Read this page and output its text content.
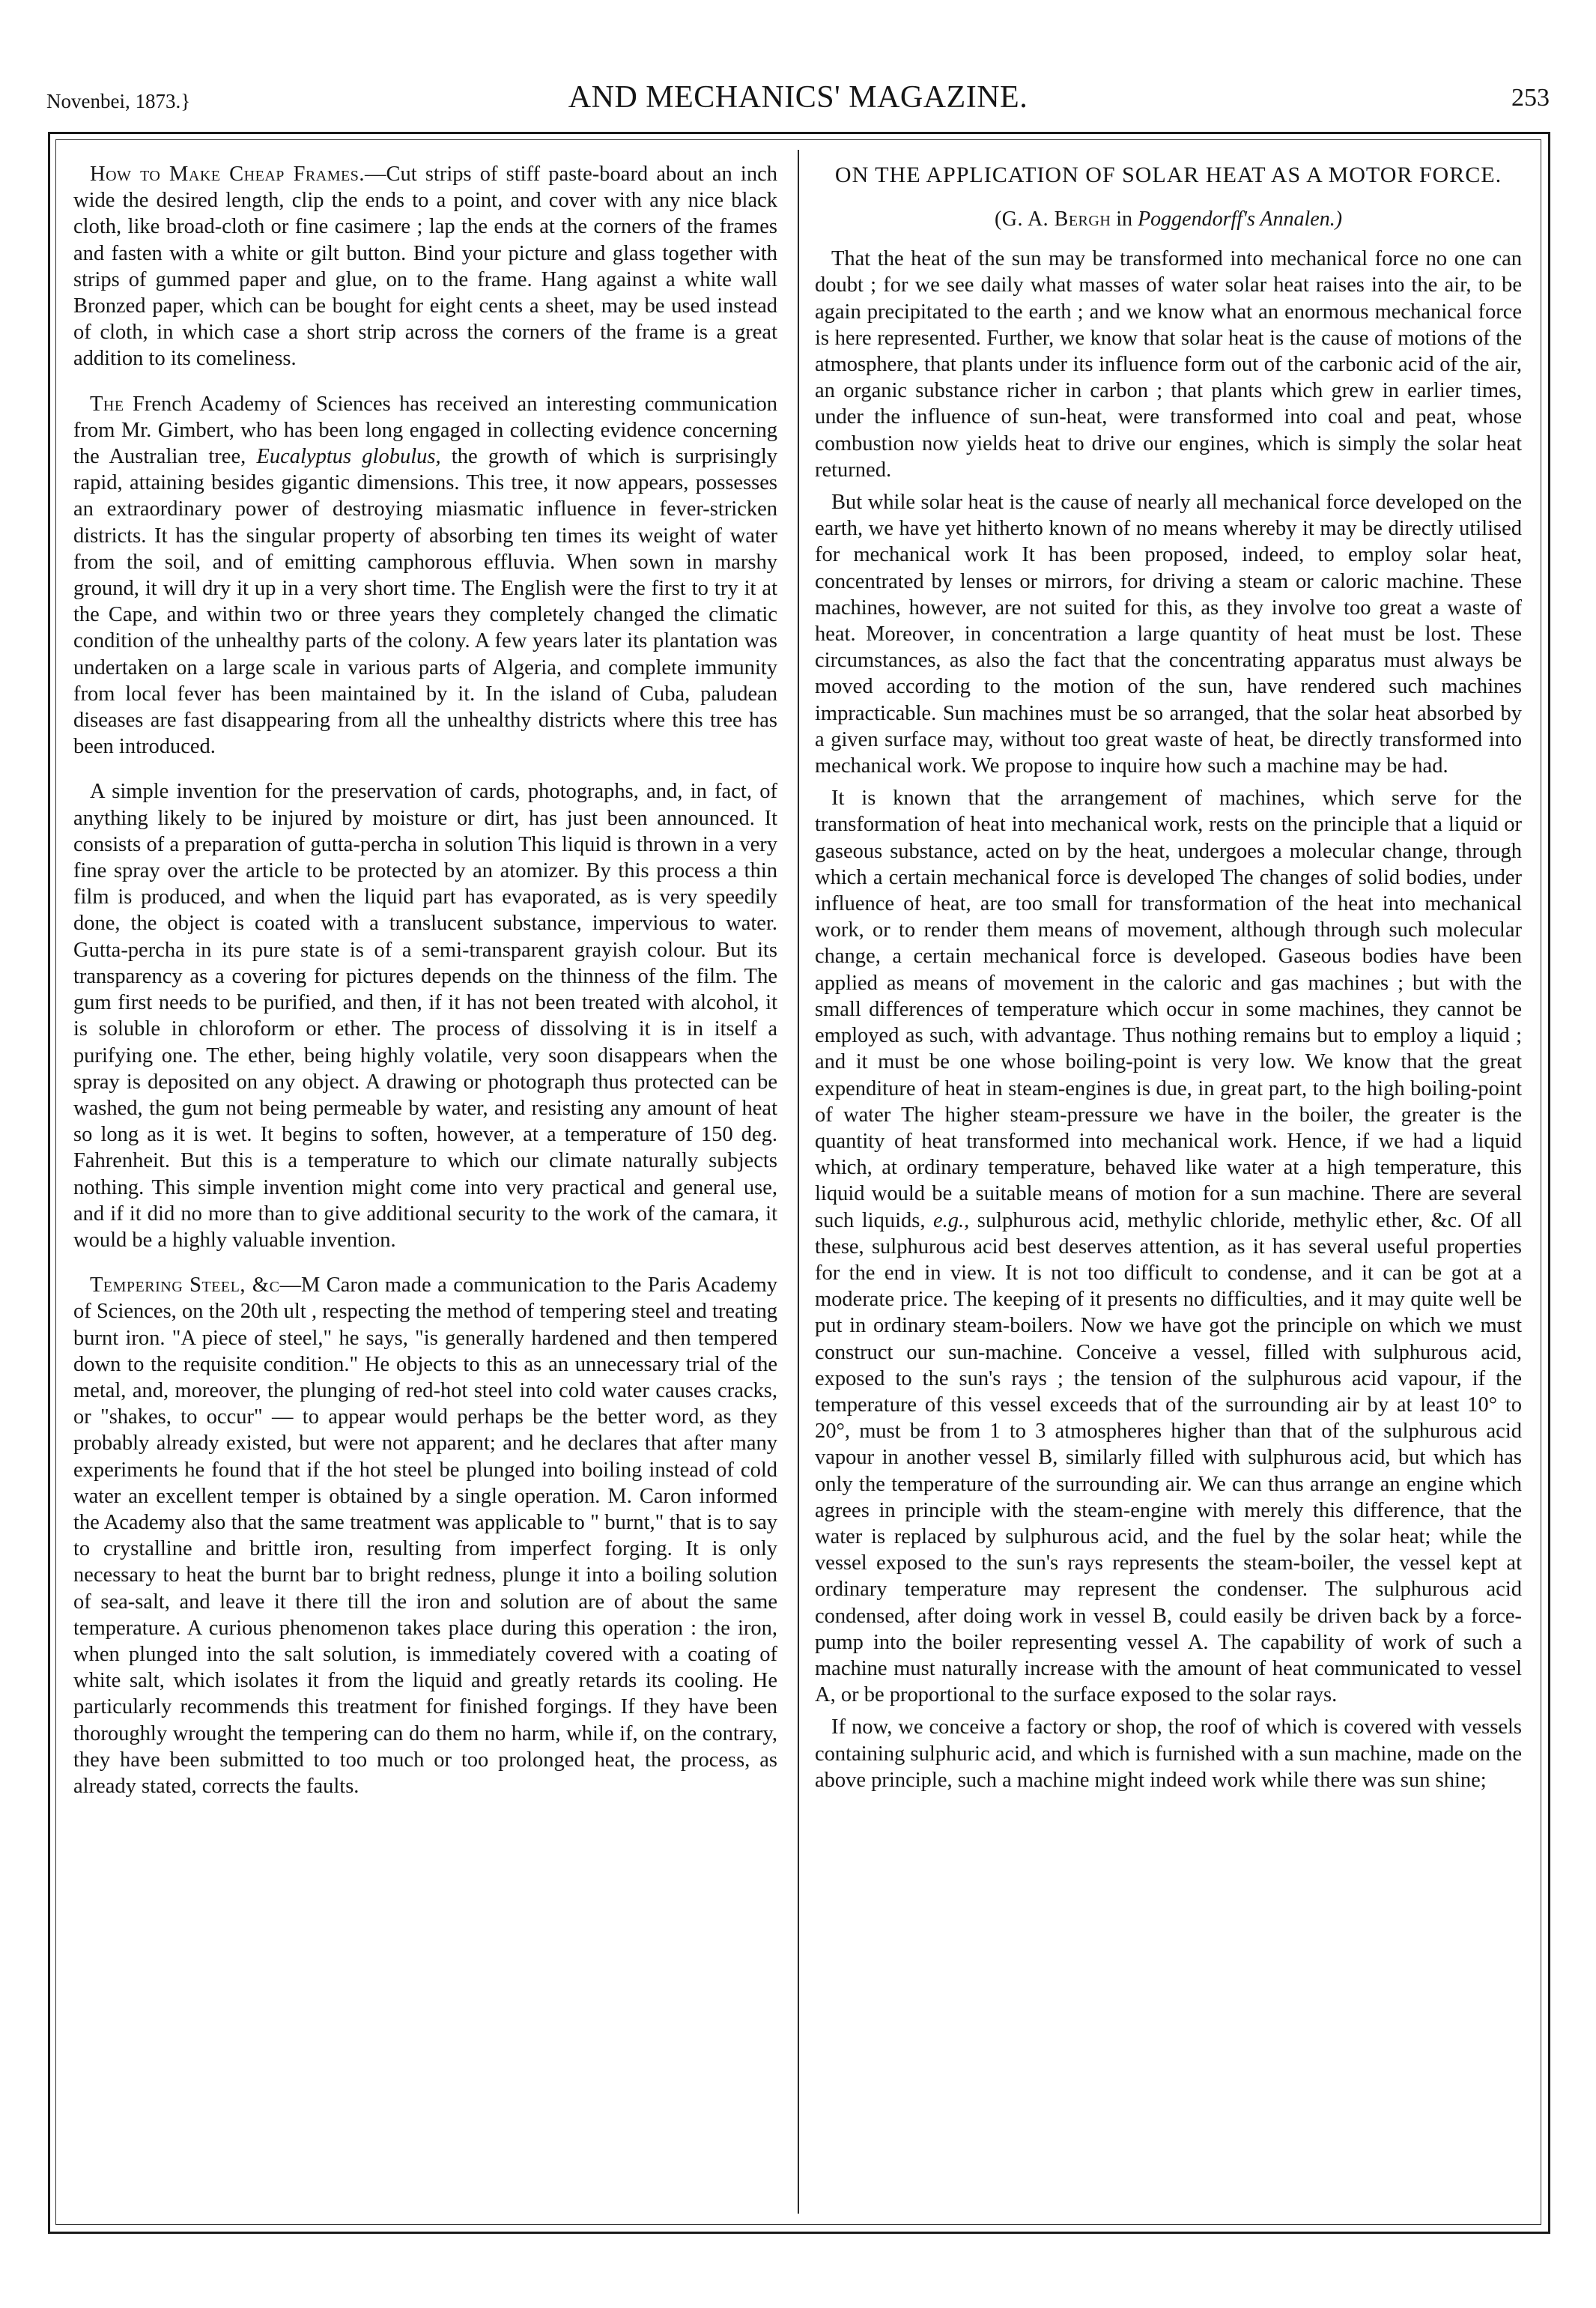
Novenbei, 1873.}	AND MECHANICS' MAGAZINE.	253

How to Make Cheap Frames.—Cut strips of stiff paste-board about an inch wide the desired length, clip the ends to a point, and cover with any nice black cloth, like broad-cloth or fine casimere ; lap the ends at the corners of the frames and fasten with a white or gilt button. Bind your picture and glass together with strips of gummed paper and glue, on to the frame. Hang against a white wall Bronzed paper, which can be bought for eight cents a sheet, may be used instead of cloth, in which case a short strip across the corners of the frame is a great addition to its comeliness.

The French Academy of Sciences has received an interesting communication from Mr. Gimbert, who has been long engaged in collecting evidence concerning the Australian tree, Eucalyptus globulus, the growth of which is surprisingly rapid, attaining besides gigantic dimensions. This tree, it now appears, possesses an extraordinary power of destroying miasmatic influence in fever-stricken districts. It has the singular property of absorbing ten times its weight of water from the soil, and of emitting camphorous effluvia. When sown in marshy ground, it will dry it up in a very short time. The English were the first to try it at the Cape, and within two or three years they completely changed the climatic condition of the unhealthy parts of the colony. A few years later its plantation was undertaken on a large scale in various parts of Algeria, and complete immunity from local fever has been maintained by it. In the island of Cuba, paludean diseases are fast disappearing from all the unhealthy districts where this tree has been introduced.

A simple invention for the preservation of cards, photographs, and, in fact, of anything likely to be injured by moisture or dirt, has just been announced. It consists of a preparation of gutta-percha in solution This liquid is thrown in a very fine spray over the article to be protected by an atomizer. By this process a thin film is produced, and when the liquid part has evaporated, as is very speedily done, the object is coated with a translucent substance, impervious to water. Gutta-percha in its pure state is of a semi-transparent grayish colour. But its transparency as a covering for pictures depends on the thinness of the film. The gum first needs to be purified, and then, if it has not been treated with alcohol, it is soluble in chloroform or ether. The process of dissolving it is in itself a purifying one. The ether, being highly volatile, very soon disappears when the spray is deposited on any object. A drawing or photograph thus protected can be washed, the gum not being permeable by water, and resisting any amount of heat so long as it is wet. It begins to soften, however, at a temperature of 150 deg. Fahrenheit. But this is a temperature to which our climate naturally subjects nothing. This simple invention might come into very practical and general use, and if it did no more than to give additional security to the work of the camara, it would be a highly valuable invention.

Tempering Steel, &c—M Caron made a communication to the Paris Academy of Sciences, on the 20th ult , respecting the method of tempering steel and treating burnt iron. "A piece of steel," he says, "is generally hardened and then tempered down to the requisite condition." He objects to this as an unnecessary trial of the metal, and, moreover, the plunging of red-hot steel into cold water causes cracks, or "shakes, to occur" — to appear would perhaps be the better word, as they probably already existed, but were not apparent; and he declares that after many experiments he found that if the hot steel be plunged into boiling instead of cold water an excellent temper is obtained by a single operation. M. Caron informed the Academy also that the same treatment was applicable to " burnt," that is to say to crystalline and brittle iron, resulting from imperfect forging. It is only necessary to heat the burnt bar to bright redness, plunge it into a boiling solution of sea-salt, and leave it there till the iron and solution are of about the same temperature. A curious phenomenon takes place during this operation : the iron, when plunged into the salt solution, is immediately covered with a coating of white salt, which isolates it from the liquid and greatly retards its cooling. He particularly recommends this treatment for finished forgings. If they have been thoroughly wrought the tempering can do them no harm, while if, on the contrary, they have been submitted to too much or too prolonged heat, the process, as already stated, corrects the faults.

ON THE APPLICATION OF SOLAR HEAT AS A MOTOR FORCE.

(G. A. Bergh in Poggendorff's Annalen.)

That the heat of the sun may be transformed into mechanical force no one can doubt ; for we see daily what masses of water solar heat raises into the air, to be again precipitated to the earth ; and we know what an enormous mechanical force is here represented. Further, we know that solar heat is the cause of motions of the atmosphere, that plants under its influence form out of the carbonic acid of the air, an organic substance richer in carbon ; that plants which grew in earlier times, under the influence of sun-heat, were transformed into coal and peat, whose combustion now yields heat to drive our engines, which is simply the solar heat returned.

But while solar heat is the cause of nearly all mechanical force developed on the earth, we have yet hitherto known of no means whereby it may be directly utilised for mechanical work It has been proposed, indeed, to employ solar heat, concentrated by lenses or mirrors, for driving a steam or caloric machine. These machines, however, are not suited for this, as they involve too great a waste of heat. Moreover, in concentration a large quantity of heat must be lost. These circumstances, as also the fact that the concentrating apparatus must always be moved according to the motion of the sun, have rendered such machines impracticable. Sun machines must be so arranged, that the solar heat absorbed by a given surface may, without too great waste of heat, be directly transformed into mechanical work. We propose to inquire how such a machine may be had.

It is known that the arrangement of machines, which serve for the transformation of heat into mechanical work, rests on the principle that a liquid or gaseous substance, acted on by the heat, undergoes a molecular change, through which a certain mechanical force is developed The changes of solid bodies, under influence of heat, are too small for transformation of the heat into mechanical work, or to render them means of movement, although through such molecular change, a certain mechanical force is developed. Gaseous bodies have been applied as means of movement in the caloric and gas machines ; but with the small differences of temperature which occur in some machines, they cannot be employed as such, with advantage. Thus nothing remains but to employ a liquid ; and it must be one whose boiling-point is very low. We know that the great expenditure of heat in steam-engines is due, in great part, to the high boiling-point of water The higher steam-pressure we have in the boiler, the greater is the quantity of heat transformed into mechanical work. Hence, if we had a liquid which, at ordinary temperature, behaved like water at a high temperature, this liquid would be a suitable means of motion for a sun machine. There are several such liquids, e.g., sulphurous acid, methylic chloride, methylic ether, &c. Of all these, sulphurous acid best deserves attention, as it has several useful properties for the end in view. It is not too difficult to condense, and it can be got at a moderate price. The keeping of it presents no difficulties, and it may quite well be put in ordinary steam-boilers. Now we have got the principle on which we must construct our sun-machine. Conceive a vessel, filled with sulphurous acid, exposed to the sun's rays ; the tension of the sulphurous acid vapour, if the temperature of this vessel exceeds that of the surrounding air by at least 10° to 20°, must be from 1 to 3 atmospheres higher than that of the sulphurous acid vapour in another vessel B, similarly filled with sulphurous acid, but which has only the temperature of the surrounding air. We can thus arrange an engine which agrees in principle with the steam-engine with merely this difference, that the water is replaced by sulphurous acid, and the fuel by the solar heat; while the vessel exposed to the sun's rays represents the steam-boiler, the vessel kept at ordinary temperature may represent the condenser. The sulphurous acid condensed, after doing work in vessel B, could easily be driven back by a force-pump into the boiler representing vessel A. The capability of work of such a machine must naturally increase with the amount of heat communicated to vessel A, or be proportional to the surface exposed to the solar rays.

If now, we conceive a factory or shop, the roof of which is covered with vessels containing sulphuric acid, and which is furnished with a sun machine, made on the above principle, such a machine might indeed work while there was sun shine;
